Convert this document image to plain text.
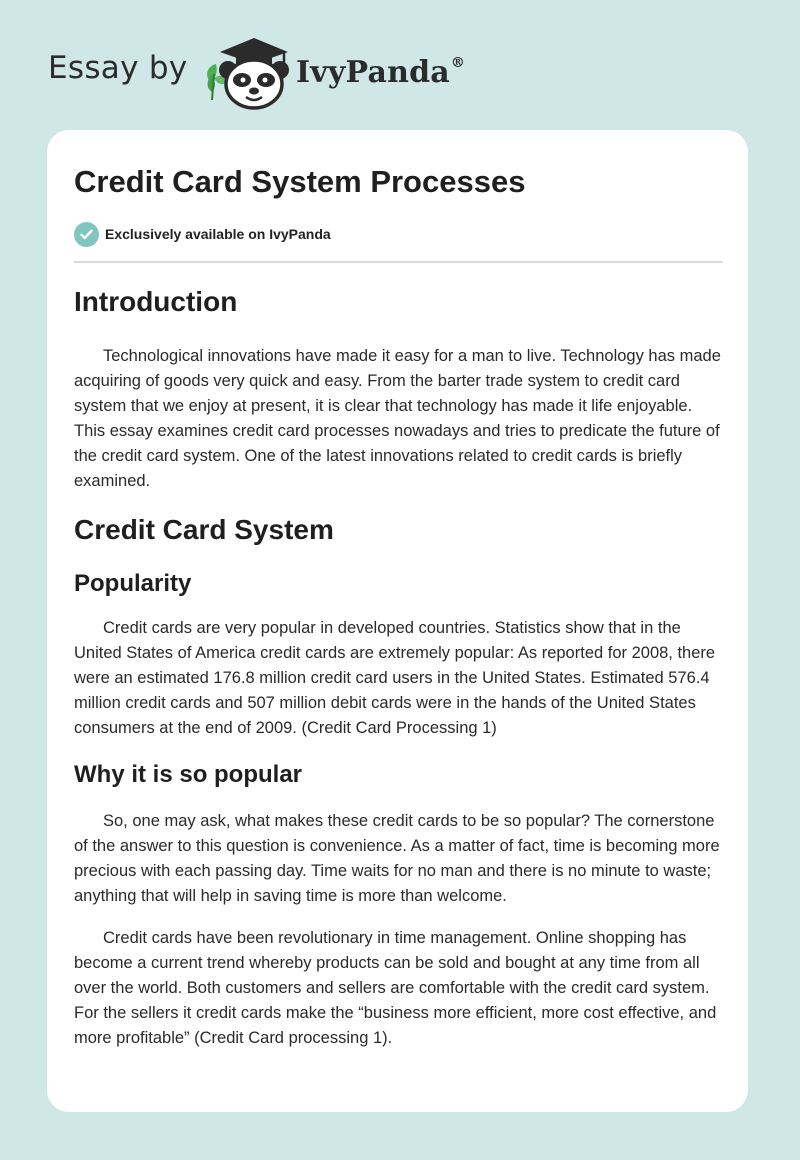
Essay by	IvyPanda®
Credit Card System Processes
Exclusively available on IvyPanda
Introduction

Technological innovations have made it easy for a man to live. Technology has made acquiring of goods very quick and easy. From the barter trade system to credit card system that we enjoy at present, it is clear that technology has made it life enjoyable. This essay examines credit card processes nowadays and tries to predicate the future of the credit card system. One of the latest innovations related to credit cards is briefly examined.

Credit Card System
Popularity

Credit cards are very popular in developed countries. Statistics show that in the United States of America credit cards are extremely popular: As reported for 2008, there were an estimated 176.8 million credit card users in the United States. Estimated 576.4 million credit cards and 507 million debit cards were in the hands of the United States consumers at the end of 2009. (Credit Card Processing 1)

Why it is so popular

So, one may ask, what makes these credit cards to be so popular? The cornerstone of the answer to this question is convenience. As a matter of fact, time is becoming more precious with each passing day. Time waits for no man and there is no minute to waste; anything that will help in saving time is more than welcome.

Credit cards have been revolutionary in time management. Online shopping has become a current trend whereby products can be sold and bought at any time from all over the world. Both customers and sellers are comfortable with the credit card system. For the sellers it credit cards make the “business more efficient, more cost effective, and more profitable” (Credit Card processing 1).
